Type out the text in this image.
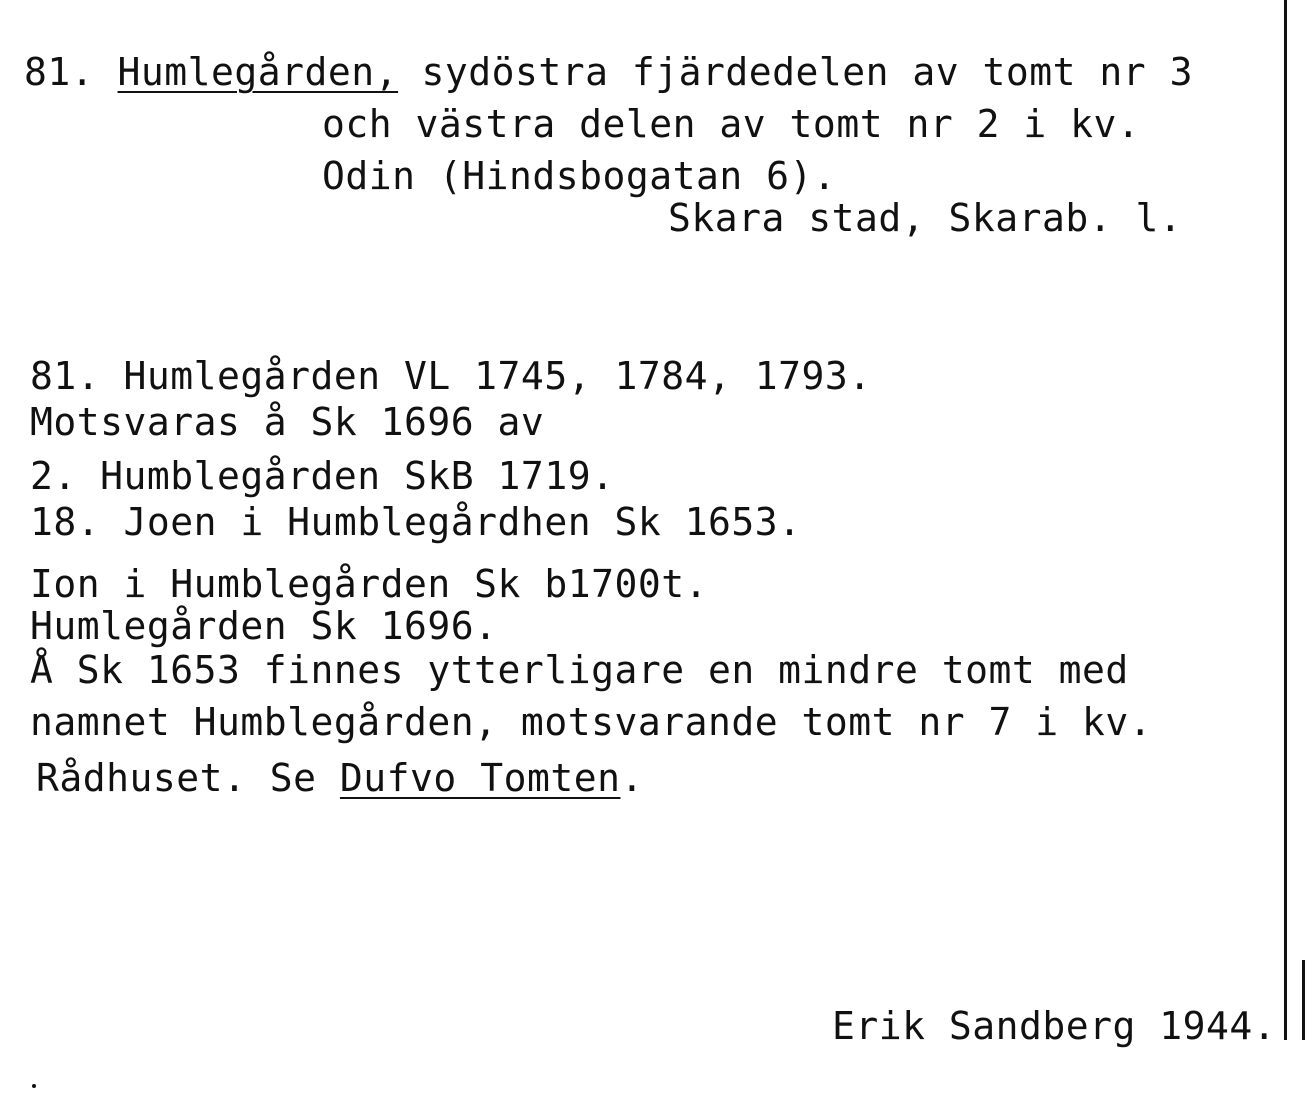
81. Humlegården, sydöstra fjärdedelen av tomt nr 3
och västra delen av tomt nr 2 i kv.
Odin (Hindsbogatan 6).
Skara stad, Skarab. l.
81. Humlegården VL 1745, 1784, 1793.
Motsvaras å Sk 1696 av
2. Humblegården SkB 1719.
18. Joen i Humblegårdhen Sk 1653.
Ion i Humblegården Sk b1700t.
Humlegården Sk 1696.
Å Sk 1653 finnes ytterligare en mindre tomt med
namnet Humblegården, motsvarande tomt nr 7 i kv.
Rådhuset. Se Dufvo Tomten.
Erik Sandberg 1944.
